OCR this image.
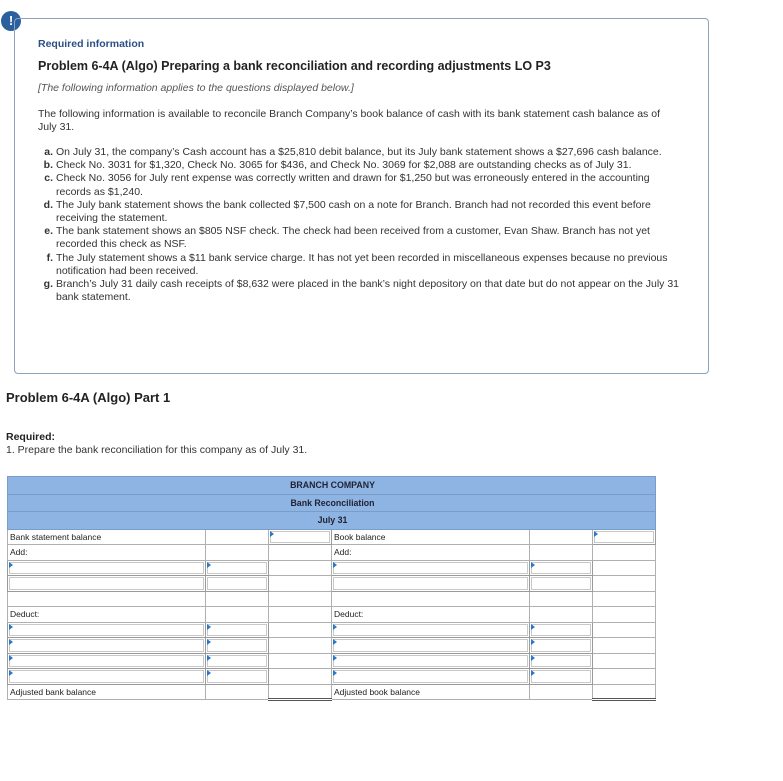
!
Required information
Problem 6-4A (Algo) Preparing a bank reconciliation and recording adjustments LO P3
[The following information applies to the questions displayed below.]
The following information is available to reconcile Branch Company’s book balance of cash with its bank statement cash balance as of July 31.
a. On July 31, the company’s Cash account has a $25,810 debit balance, but its July bank statement shows a $27,696 cash balance.
b. Check No. 3031 for $1,320, Check No. 3065 for $436, and Check No. 3069 for $2,088 are outstanding checks as of July 31.
c. Check No. 3056 for July rent expense was correctly written and drawn for $1,250 but was erroneously entered in the accounting records as $1,240.
d. The July bank statement shows the bank collected $7,500 cash on a note for Branch. Branch had not recorded this event before receiving the statement.
e. The bank statement shows an $805 NSF check. The check had been received from a customer, Evan Shaw. Branch has not yet recorded this check as NSF.
f. The July statement shows a $11 bank service charge. It has not yet been recorded in miscellaneous expenses because no previous notification had been received.
g. Branch’s July 31 daily cash receipts of $8,632 were placed in the bank’s night depository on that date but do not appear on the July 31 bank statement.
Problem 6-4A (Algo) Part 1
Required:
1. Prepare the bank reconciliation for this company as of July 31.
BRANCH COMPANY					
Bank Reconciliation					
July 31					
Bank statement balance			Book balance		

Add:			Add:		

Deduct:			Deduct:		

Adjusted bank balance			Adjusted book balance		
